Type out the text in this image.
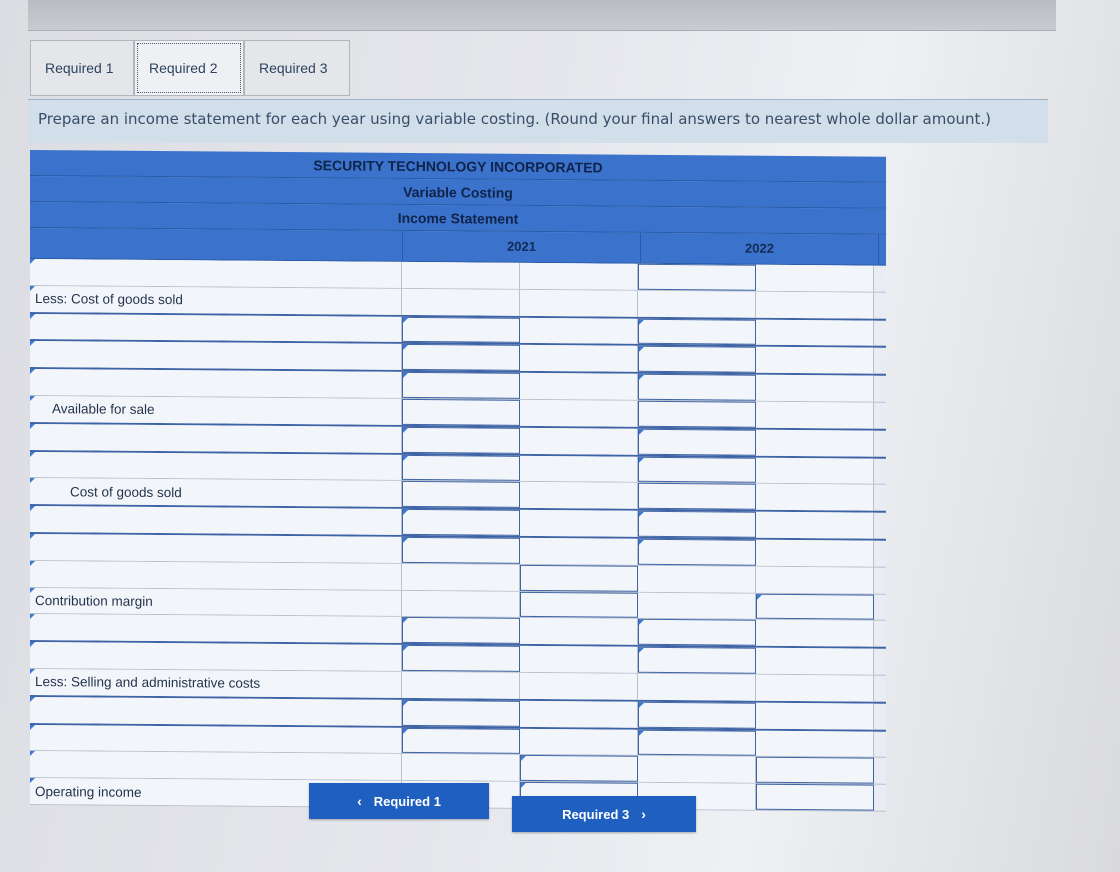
Required 1	Required 2	Required 3
Prepare an income statement for each year using variable costing. (Round your final answers to nearest whole dollar amount.)
SECURITY TECHNOLOGY INCORPORATED
Variable Costing
Income Statement
2021	2022
Less: Cost of goods sold
Available for sale
Cost of goods sold
Contribution margin
Less: Selling and administrative costs
Operating income
‹ Required 1
Required 3 ›
